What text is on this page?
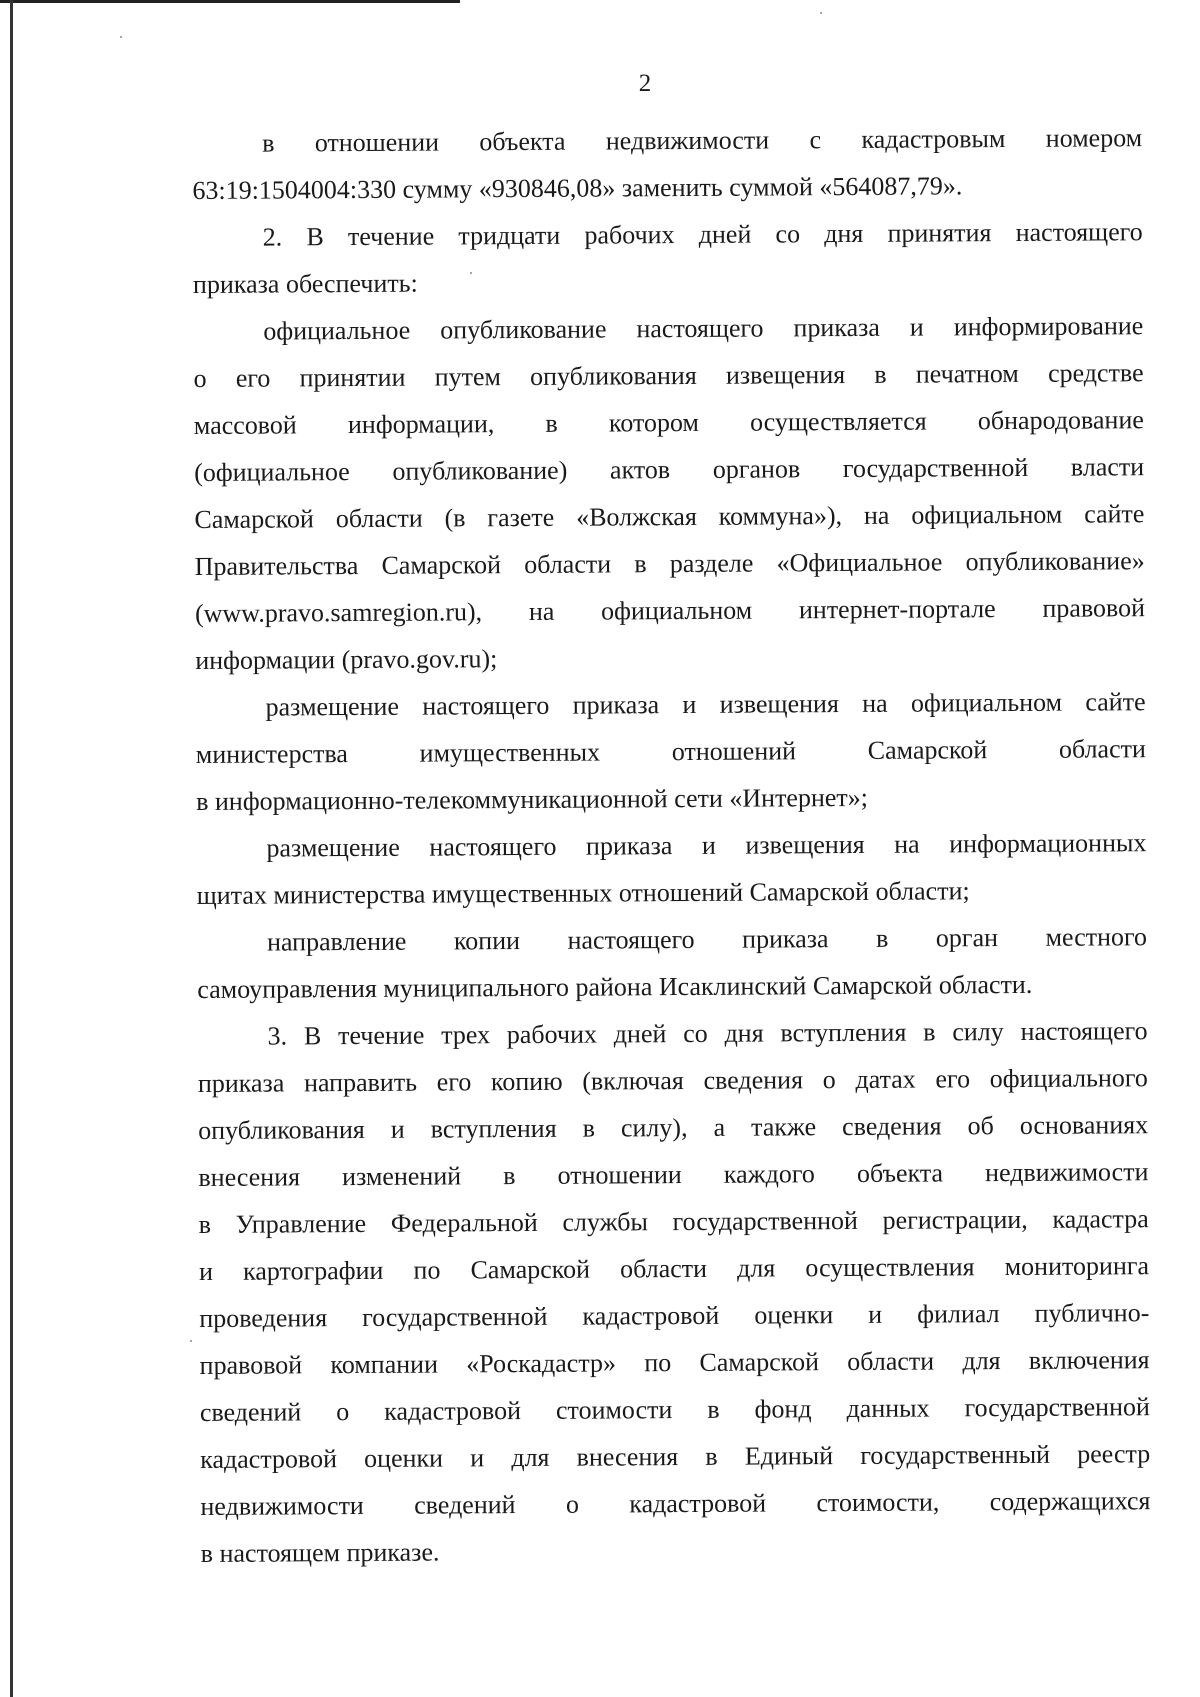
2

в отношении объекта недвижимости с кадастровым номером
63:19:1504004:330 сумму «930846,08» заменить суммой «564087,79».

2. В течение тридцати рабочих дней со дня принятия настоящего
приказа обеспечить:

официальное опубликование настоящего приказа и информирование
о его принятии путем опубликования извещения в печатном средстве
массовой информации, в котором осуществляется обнародование
(официальное опубликование) актов органов государственной власти
Самарской области (в газете «Волжская коммуна»), на официальном сайте
Правительства Самарской области в разделе «Официальное опубликование»
(www.pravo.samregion.ru), на официальном интернет-портале правовой
информации (pravo.gov.ru);

размещение настоящего приказа и извещения на официальном сайте
министерства имущественных отношений Самарской области
в информационно-телекоммуникационной сети «Интернет»;

размещение настоящего приказа и извещения на информационных
щитах министерства имущественных отношений Самарской области;

направление копии настоящего приказа в орган местного
самоуправления муниципального района Исаклинский Самарской области.

3. В течение трех рабочих дней со дня вступления в силу настоящего
приказа направить его копию (включая сведения о датах его официального
опубликования и вступления в силу), а также сведения об основаниях
внесения изменений в отношении каждого объекта недвижимости
в Управление Федеральной службы государственной регистрации, кадастра
и картографии по Самарской области для осуществления мониторинга
проведения государственной кадастровой оценки и филиал публично-
правовой компании «Роскадастр» по Самарской области для включения
сведений о кадастровой стоимости в фонд данных государственной
кадастровой оценки и для внесения в Единый государственный реестр
недвижимости сведений о кадастровой стоимости, содержащихся
в настоящем приказе.
